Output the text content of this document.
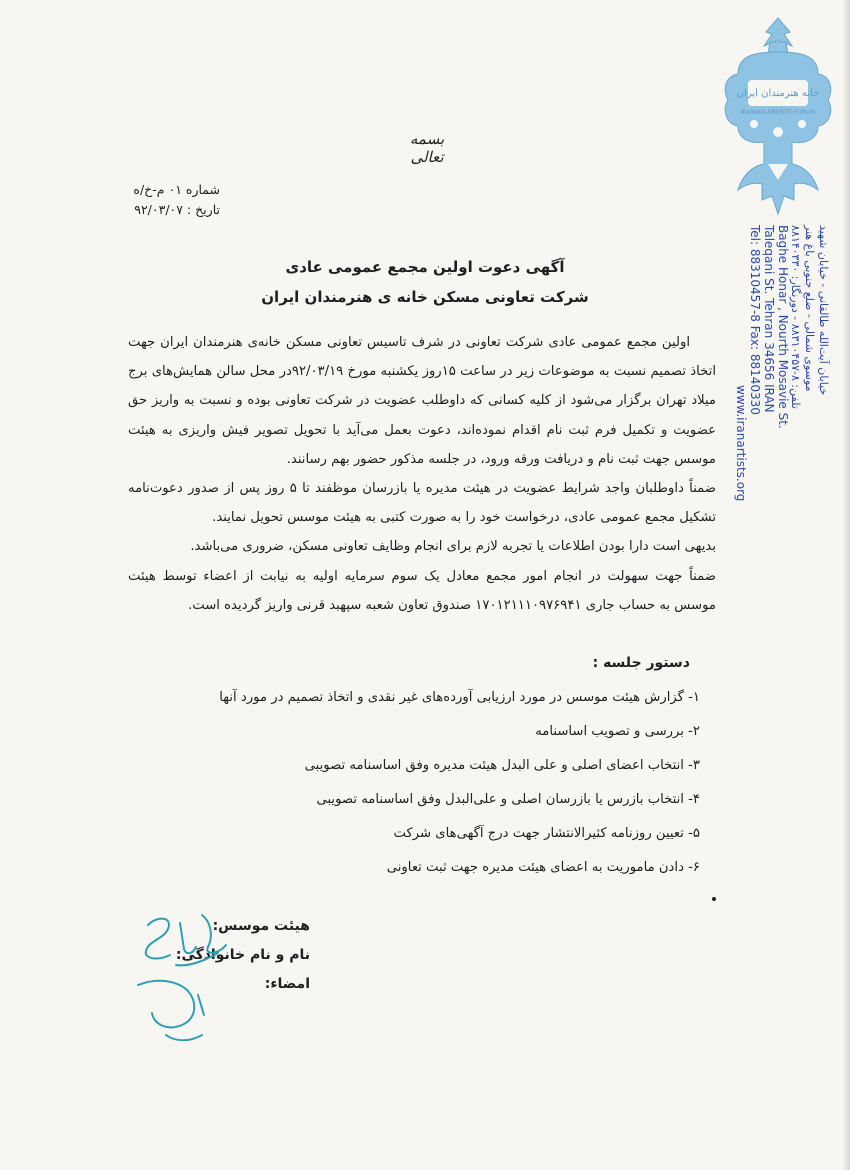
خانه هنرمندان ایران
IRANIAN ARTISTS FORUM
خیابان آیت‌الله طالقانی - خیابان شهید
موسوی شمالی - ضلع جنوبی باغ هنر
تلفن: ۸-۸۸۳۱۰۴۵۷ - دورنگار: ۸۸۱۴۰۳۳۰
Baghe Honar , Nourth Mosavie St.
Taleqani St. Tehran 34656 IRAN
Tel: 88310457-8 Fax: 88140330
www.iranartists.org
بسمه تعالی
شماره ۰۱ م-خ/ه
تاریخ : ۹۲/۰۳/۰۷
آگهی دعوت اولین مجمع عمومی عادی
شرکت تعاونی مسکن خانه ی هنرمندان ایران

اولین مجمع عمومی عادی شرکت تعاونی در شرف تاسیس تعاونی مسکن خانه‌ی هنرمندان ایران جهت اتخاذ تصمیم نسبت به موضوعات زیر در ساعت ۱۵روز یکشنبه مورخ ۹۲/۰۳/۱۹در محل سالن همایش‌های برج میلاد تهران برگزار می‌شود از کلیه کسانی که داوطلب عضویت در شرکت تعاونی بوده و نسبت به واریز حق عضویت و تکمیل فرم ثبت نام اقدام نموده‌اند، دعوت بعمل می‌آید با تحویل تصویر فیش واریزی به هیئت موسس جهت ثبت نام و دریافت ورقه ورود، در جلسه مذکور حضور بهم رسانند.

ضمناً داوطلبان واجد شرایط عضویت در هیئت مدیره یا بازرسان موظفند تا ۵ روز پس از صدور دعوت‌نامه تشکیل مجمع عمومی عادی، درخواست خود را به صورت کتبی به هیئت موسس تحویل نمایند.

بدیهی است دارا بودن اطلاعات یا تجربه لازم برای انجام وظایف تعاونی مسکن، ضروری می‌باشد.

ضمناً جهت سهولت در انجام امور مجمع معادل یک سوم سرمایه اولیه به نیابت از اعضاء توسط هیئت موسس به حساب جاری ۱۷۰۱۲۱۱۱۰۹۷۶۹۴۱ صندوق تعاون شعبه سپهبد قرنی واریز گردیده است.

دستور جلسه :
۱- گزارش هیئت موسس در مورد ارزیابی آورده‌های غیر نقدی و اتخاذ تصمیم در مورد آنها
۲- بررسی و تصویب اساسنامه
۳- انتخاب اعضای اصلی و علی البدل هیئت مدیره وفق اساسنامه تصویبی
۴- انتخاب بازرس یا بازرسان اصلی و علی‌البدل وفق اساسنامه تصویبی
۵- تعیین روزنامه کثیرالانتشار جهت درج آگهی‌های شرکت
۶- دادن ماموریت به اعضای هیئت مدیره جهت ثبت تعاونی
هیئت موسس:
نام و نام خانوادگی:
امضاء:
